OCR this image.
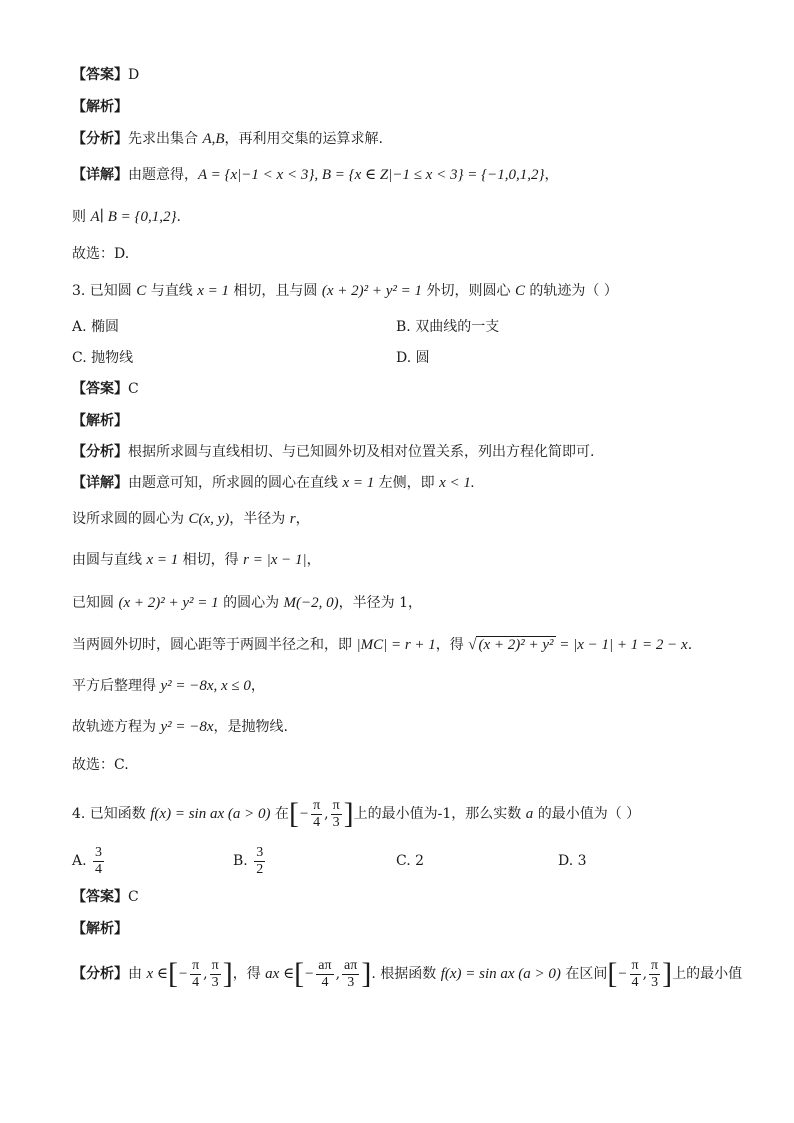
【答案】D
【解析】
【分析】先求出集合 A,B，再利用交集的运算求解.
【详解】由题意得，A = {x|−1 < x < 3}, B = {x ∈ Z|−1 ≤ x < 3} = {−1,0,1,2}，
则 A∣ B = {0,1,2}.
故选：D.
3. 已知圆 C 与直线 x = 1 相切，且与圆 (x + 2)² + y² = 1 外切，则圆心 C 的轨迹为（ ）
A. 椭圆	B. 双曲线的一支
C. 抛物线	D. 圆
【答案】C
【解析】
【分析】根据所求圆与直线相切、与已知圆外切及相对位置关系，列出方程化简即可.
【详解】由题意可知，所求圆的圆心在直线 x = 1 左侧，即 x < 1.
设所求圆的圆心为 C(x, y)，半径为 r，
由圆与直线 x = 1 相切，得 r = |x − 1|，
已知圆 (x + 2)² + y² = 1 的圆心为 M(−2, 0)，半径为 1，
当两圆外切时，圆心距等于两圆半径之和，即 |MC| = r + 1，得 √ (x + 2)² + y² = |x − 1| + 1 = 2 − x.
平方后整理得 y² = −8x, x ≤ 0，
故轨迹方程为 y² = −8x，是抛物线.
故选：C.
4. 已知函数 f(x) = sin ax (a > 0) 在[− $\frac{\pi}{4}$ , $\frac{\pi}{3}$ ]上的最小值为-1，那么实数 a 的最小值为（ ）
A. $\frac{3}{4}$	B. $\frac{3}{2}$	C. 2	D. 3
【答案】C
【解析】
【分析】由 x ∈[− $\frac{\pi}{4}$ , $\frac{\pi}{3}$ ]，得 ax ∈[− $\frac{a\pi}{4}$ , $\frac{a\pi}{3}$ ]. 根据函数 f(x) = sin ax (a > 0) 在区间[− $\frac{\pi}{4}$ , $\frac{\pi}{3}$ ]上的最小值
